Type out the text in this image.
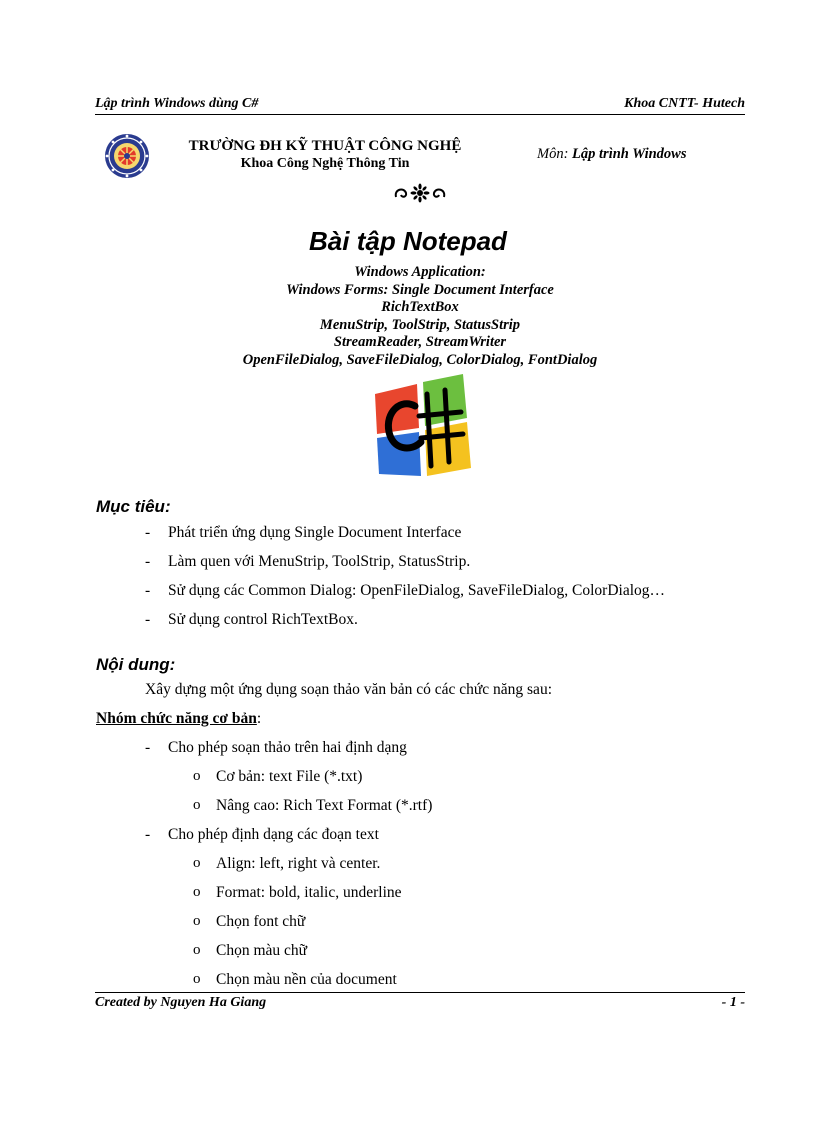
Lập trình Windows dùng C#	Khoa CNTT- Hutech
TRƯỜNG ĐH KỸ THUẬT CÔNG NGHỆ
Khoa Công Nghệ Thông Tin
Môn: Lập trình Windows
Bài tập Notepad
Windows Application:
Windows Forms: Single Document Interface
RichTextBox
MenuStrip, ToolStrip, StatusStrip
StreamReader, StreamWriter
OpenFileDialog, SaveFileDialog, ColorDialog, FontDialog
Mục tiêu:
- Phát triển ứng dụng Single Document Interface
- Làm quen với MenuStrip, ToolStrip, StatusStrip.
- Sử dụng các Common Dialog: OpenFileDialog, SaveFileDialog, ColorDialog…
- Sử dụng control RichTextBox.
Nội dung:
Xây dựng một ứng dụng soạn thảo văn bản có các chức năng sau:
Nhóm chức năng cơ bản:
- Cho phép soạn thảo trên hai định dạng
o Cơ bản: text File (*.txt)
o Nâng cao: Rich Text Format (*.rtf)
- Cho phép định dạng các đoạn text
o Align: left, right và center.
o Format: bold, italic, underline
o Chọn font chữ
o Chọn màu chữ
o Chọn màu nền của document
Created by Nguyen Ha Giang	- 1 -
